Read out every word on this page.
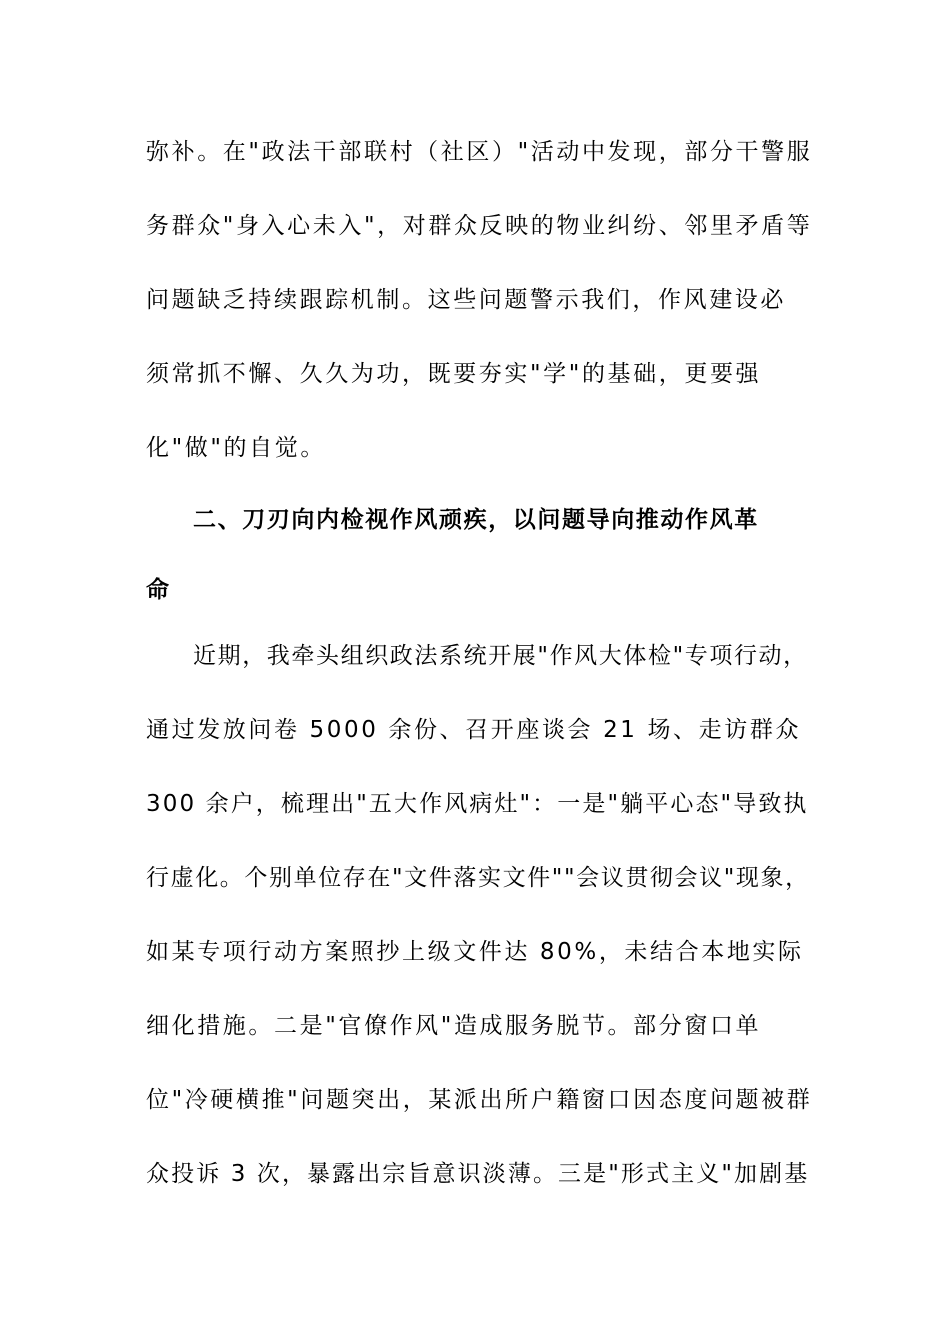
弥补。在"政法干部联村（社区）"活动中发现，部分干警服
务群众"身入心未入"，对群众反映的物业纠纷、邻里矛盾等
问题缺乏持续跟踪机制。这些问题警示我们，作风建设必
须常抓不懈、久久为功，既要夯实"学"的基础，更要强
化"做"的自觉。
二、刀刃向内检视作风顽疾，以问题导向推动作风革
命
近期，我牵头组织政法系统开展"作风大体检"专项行动，
通过发放问卷 5000 余份、召开座谈会 21 场、走访群众
300 余户，梳理出"五大作风病灶"：一是"躺平心态"导致执
行虚化。个别单位存在"文件落实文件""会议贯彻会议"现象，
如某专项行动方案照抄上级文件达 80%，未结合本地实际
细化措施。二是"官僚作风"造成服务脱节。部分窗口单
位"冷硬横推"问题突出，某派出所户籍窗口因态度问题被群
众投诉 3 次，暴露出宗旨意识淡薄。三是"形式主义"加剧基
